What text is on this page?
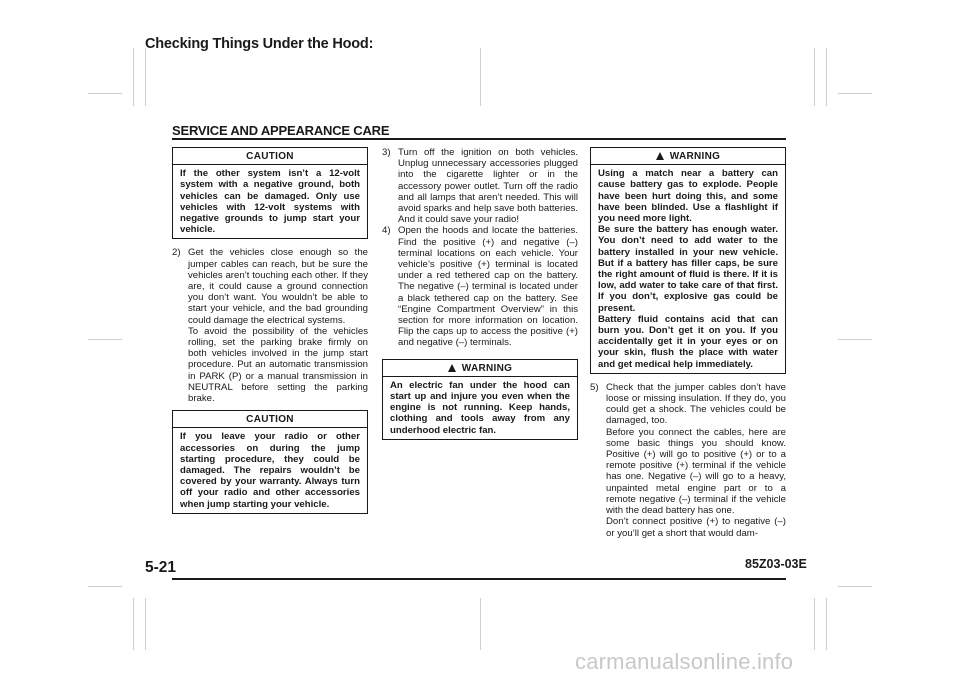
Checking Things Under the Hood:
SERVICE AND APPEARANCE CARE
CAUTION

If the other system isn’t a 12-volt system with a negative ground, both vehicles can be damaged. Only use vehicles with 12-volt systems with negative grounds to jump start your vehicle.

2) Get the vehicles close enough so the jumper cables can reach, but be sure the vehicles aren’t touching each other. If they are, it could cause a ground connection you don’t want. You wouldn’t be able to start your vehicle, and the bad grounding could damage the electrical systems.

To avoid the possibility of the vehicles rolling, set the parking brake firmly on both vehicles involved in the jump start procedure. Put an automatic transmission in PARK (P) or a manual transmission in NEUTRAL before setting the parking brake.

CAUTION

If you leave your radio or other accessories on during the jump starting procedure, they could be damaged. The repairs wouldn’t be covered by your warranty. Always turn off your radio and other accessories when jump starting your vehicle.

3) Turn off the ignition on both vehicles. Unplug unnecessary accessories plugged into the cigarette lighter or in the accessory power outlet. Turn off the radio and all lamps that aren’t needed. This will avoid sparks and help save both batteries. And it could save your radio!

4) Open the hoods and locate the batteries. Find the positive (+) and negative (–) terminal locations on each vehicle. Your vehicle’s positive (+) terminal is located under a red tethered cap on the battery. The negative (–) terminal is located under a black tethered cap on the battery. See “Engine Compartment Overview” in this section for more information on location. Flip the caps up to access the positive (+) and negative (–) terminals.

WARNING

An electric fan under the hood can start up and injure you even when the engine is not running. Keep hands, clothing and tools away from any underhood electric fan.

WARNING

Using a match near a battery can cause battery gas to explode. People have been hurt doing this, and some have been blinded. Use a flashlight if you need more light.

Be sure the battery has enough water. You don’t need to add water to the battery installed in your new vehicle. But if a battery has filler caps, be sure the right amount of fluid is there. If it is low, add water to take care of that first. If you don’t, explosive gas could be present.

Battery fluid contains acid that can burn you. Don’t get it on you. If you accidentally get it in your eyes or on your skin, flush the place with water and get medical help immediately.

5) Check that the jumper cables don’t have loose or missing insulation. If they do, you could get a shock. The vehicles could be damaged, too.

Before you connect the cables, here are some basic things you should know. Positive (+) will go to positive (+) or to a remote positive (+) terminal if the vehicle has one. Negative (–) will go to a heavy, unpainted metal engine part or to a remote negative (–) terminal if the vehicle with the dead battery has one.

Don’t connect positive (+) to negative (–) or you’ll get a short that would dam-

5-21	85Z03-03E
carmanualsonline.info
